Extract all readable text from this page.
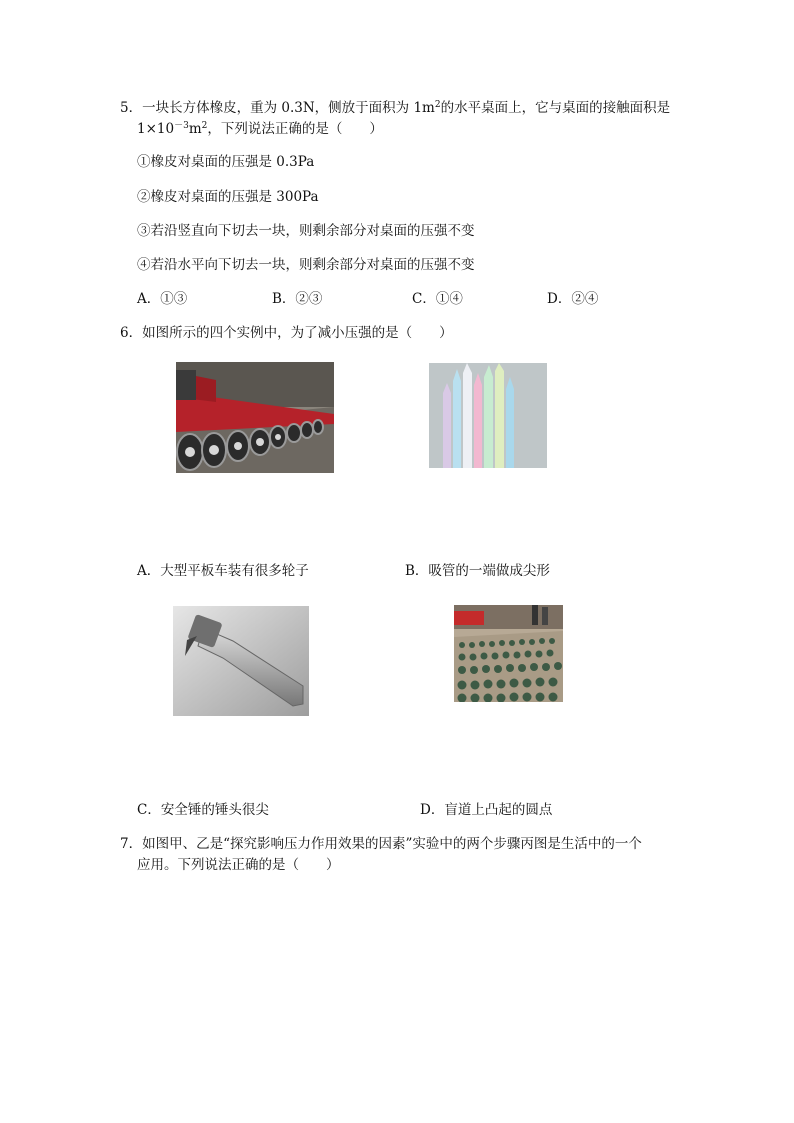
5．一块长方体橡皮，重为 0.3N，侧放于面积为 $1m^2$的水平桌面上，它与桌面的接触面积是
$1\times 10^{-3}m^2$，下列说法正确的是（　　）
①橡皮对桌面的压强是 0.3Pa
②橡皮对桌面的压强是 300Pa
③若沿竖直向下切去一块，则剩余部分对桌面的压强不变
④若沿水平向下切去一块，则剩余部分对桌面的压强不变
A．①③	B．②③	C．①④	D．②④
6．如图所示的四个实例中，为了减小压强的是（　　）
A．大型平板车装有很多轮子	B．吸管的一端做成尖形
C．安全锤的锤头很尖	D．盲道上凸起的圆点
7．如图甲、乙是“探究影响压力作用效果的因素”实验中的两个步骤丙图是生活中的一个
应用。下列说法正确的是（　　）
